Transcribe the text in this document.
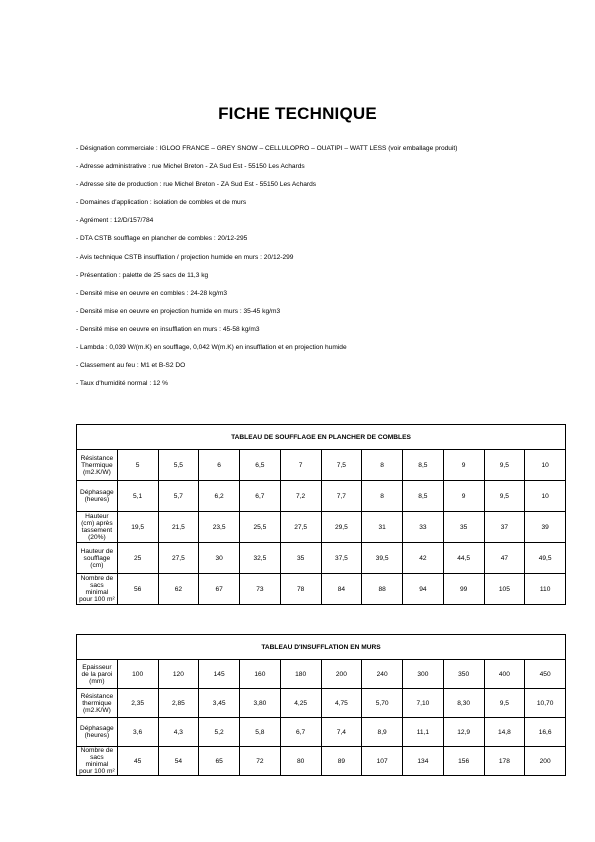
FICHE TECHNIQUE
- Désignation commerciale : IGLOO FRANCE – GREY SNOW – CELLULOPRO – OUATIPI – WATT LESS (voir emballage produit)
- Adresse administrative : rue Michel Breton - ZA Sud Est - 55150 Les Achards
- Adresse site de production : rue Michel Breton - ZA Sud Est - 55150 Les Achards
- Domaines d'application : isolation de combles et de murs
- Agrément : 12/D/157/784
- DTA CSTB soufflage en plancher de combles : 20/12-295
- Avis technique CSTB insufflation / projection humide en murs : 20/12-299
- Présentation : palette de 25 sacs de 11,3 kg
- Densité mise en oeuvre en combles : 24-28 kg/m3
- Densité mise en oeuvre en projection humide en murs : 35-45 kg/m3
- Densité mise en oeuvre en insufflation en murs : 45-58 kg/m3
- Lambda : 0,039 W/(m.K) en soufflage, 0,042 W(m.K) en insufflation et en projection humide
- Classement au feu : M1 et B-S2 DO
- Taux d'humidité normal : 12 %
TABLEAU DE SOUFFLAGE EN PLANCHER DE COMBLES											
Résistance Thermique (m2.K/W)	5	5,5	6	6,5	7	7,5	8	8,5	9	9,5	10
Déphasage (heures)	5,1	5,7	6,2	6,7	7,2	7,7	8	8,5	9	9,5	10
Hauteur (cm) après tassement (20%)	19,5	21,5	23,5	25,5	27,5	29,5	31	33	35	37	39
Hauteur de soufflage (cm)	25	27,5	30	32,5	35	37,5	39,5	42	44,5	47	49,5
Nombre de sacs minimal pour 100 m²	56	62	67	73	78	84	88	94	99	105	110
TABLEAU D'INSUFFLATION EN MURS											
Epaisseur de la paroi (mm)	100	120	145	160	180	200	240	300	350	400	450
Résistance thermique (m2.K/W)	2,35	2,85	3,45	3,80	4,25	4,75	5,70	7,10	8,30	9,5	10,70
Déphasage (heures)	3,6	4,3	5,2	5,8	6,7	7,4	8,9	11,1	12,9	14,8	16,6
Nombre de sacs minimal pour 100 m²	45	54	65	72	80	89	107	134	156	178	200
